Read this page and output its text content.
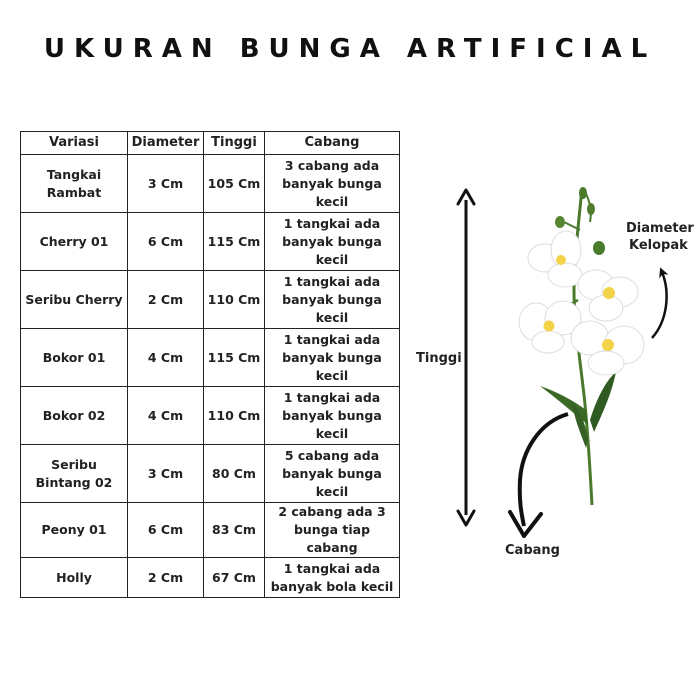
UKURAN BUNGA ARTIFICIAL
Variasi	Diameter	Tinggi	Cabang
Tangkai Rambat	3 Cm	105 Cm	3 cabang ada banyak bunga kecil
Cherry 01	6 Cm	115 Cm	1 tangkai ada banyak bunga kecil
Seribu Cherry	2 Cm	110 Cm	1 tangkai ada banyak bunga kecil
Bokor 01	4 Cm	115 Cm	1 tangkai ada banyak bunga kecil
Bokor 02	4 Cm	110 Cm	1 tangkai ada banyak bunga kecil
Seribu Bintang 02	3 Cm	80 Cm	5 cabang ada banyak bunga kecil
Peony 01	6 Cm	83 Cm	2 cabang ada 3 bunga tiap cabang
Holly	2 Cm	67 Cm	1 tangkai ada banyak bola kecil
Tinggi
Diameter
Kelopak
Cabang
